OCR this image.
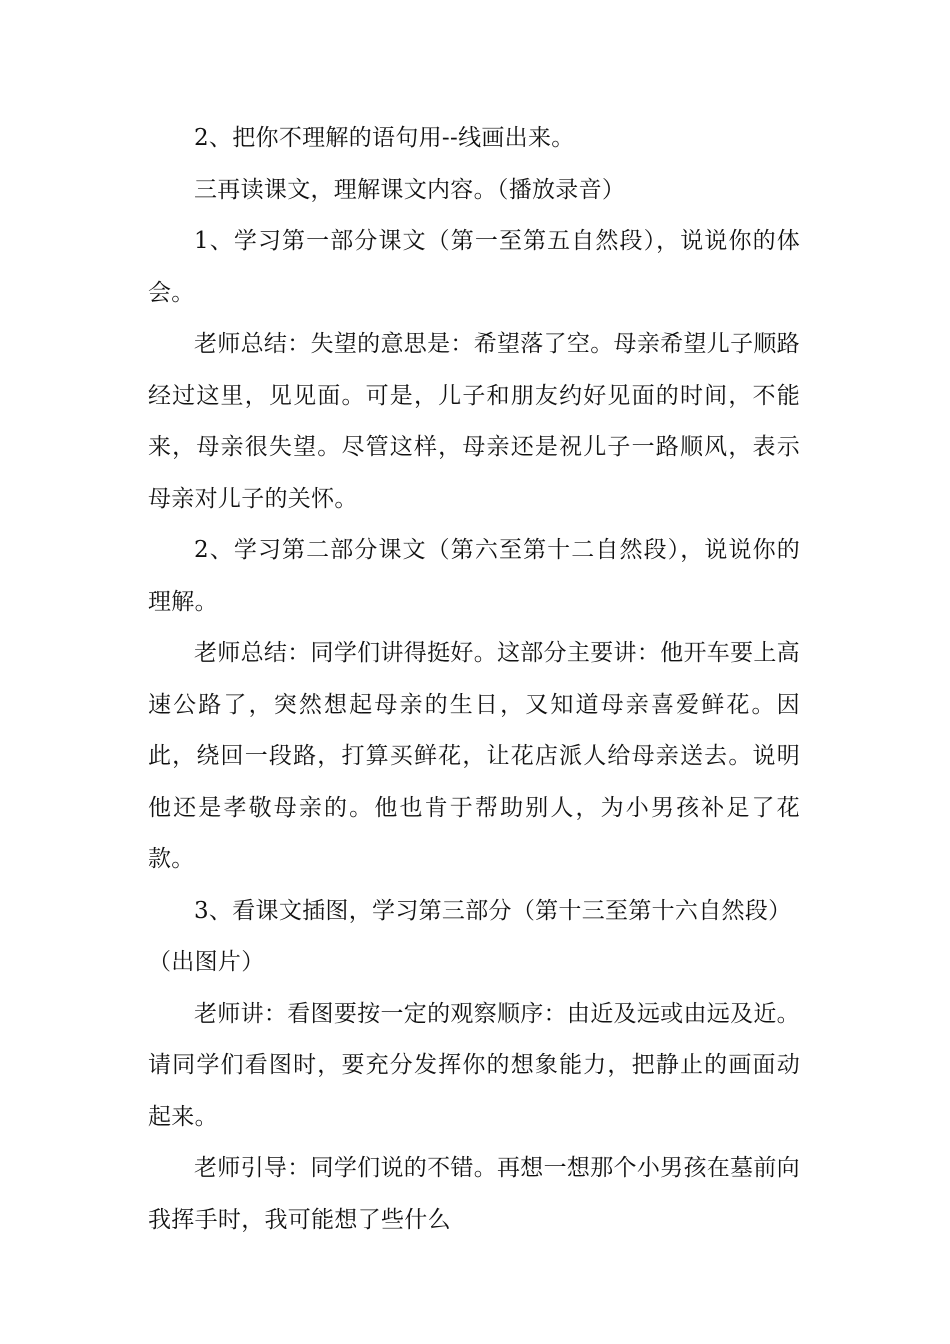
2、把你不理解的语句用--线画出来。

三再读课文，理解课文内容。（播放录音）

1、学习第一部分课文（第一至第五自然段），说说你的体会。

老师总结：失望的意思是：希望落了空。母亲希望儿子顺路经过这里，见见面。可是，儿子和朋友约好见面的时间，不能来，母亲很失望。尽管这样，母亲还是祝儿子一路顺风，表示母亲对儿子的关怀。

2、学习第二部分课文（第六至第十二自然段），说说你的理解。

老师总结：同学们讲得挺好。这部分主要讲：他开车要上高速公路了，突然想起母亲的生日，又知道母亲喜爱鲜花。因此，绕回一段路，打算买鲜花，让花店派人给母亲送去。说明他还是孝敬母亲的。他也肯于帮助别人，为小男孩补足了花款。

3、看课文插图，学习第三部分（第十三至第十六自然段）

（出图片）

老师讲：看图要按一定的观察顺序：由近及远或由远及近。请同学们看图时，要充分发挥你的想象能力，把静止的画面动起来。

老师引导：同学们说的不错。再想一想那个小男孩在墓前向我挥手时，我可能想了些什么
